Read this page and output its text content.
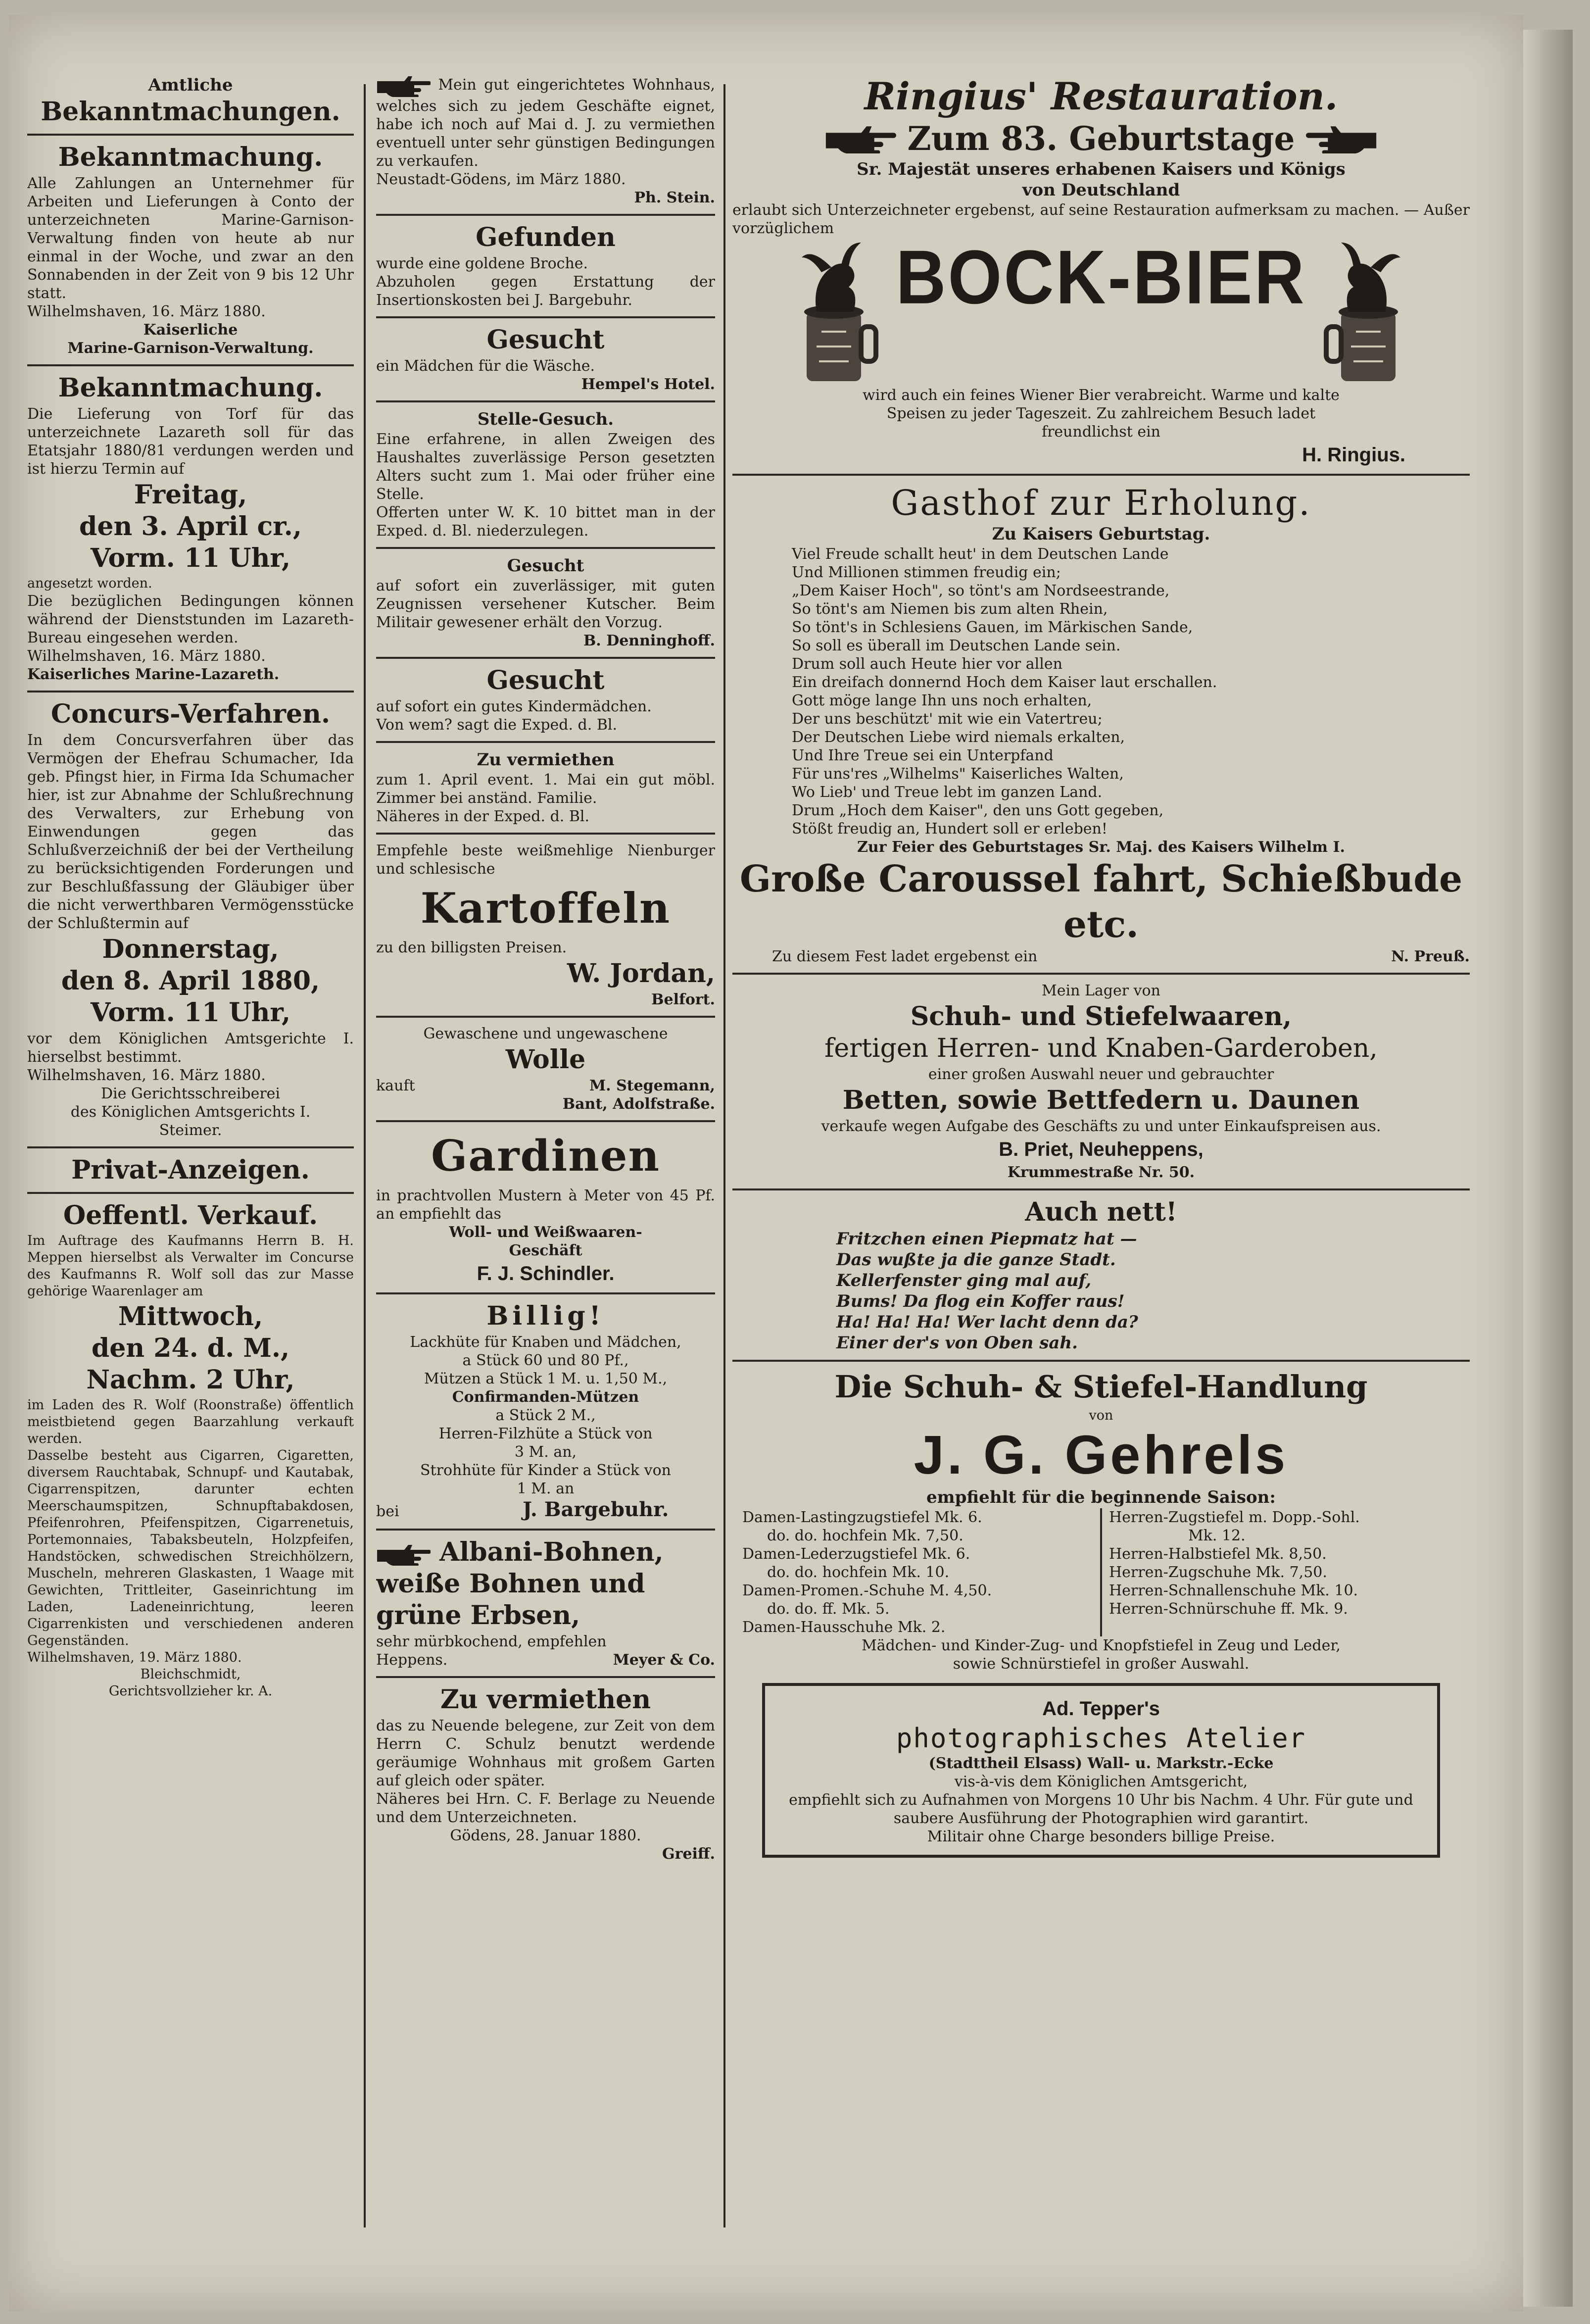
Amtliche
Bekanntmachungen.
Bekanntmachung.

Alle Zahlungen an Unternehmer für Arbeiten und Lieferungen à Conto der unterzeichneten Marine-Garnison-Verwaltung finden von heute ab nur einmal in der Woche, und zwar an den Sonnabenden in der Zeit von 9 bis 12 Uhr statt.

Wilhelmshaven, 16. März 1880.

Kaiserliche

Marine-Garnison-Verwaltung.

Bekanntmachung.

Die Lieferung von Torf für das unterzeichnete Lazareth soll für das Etatsjahr 1880/81 verdungen werden und ist hierzu Termin auf

Freitag,
den 3. April cr.,
Vorm. 11 Uhr,

angesetzt worden.

Die bezüglichen Bedingungen können während der Dienststunden im Lazareth-Bureau eingesehen werden.

Wilhelmshaven, 16. März 1880.

Kaiserliches Marine-Lazareth.

Concurs-Verfahren.

In dem Concursverfahren über das Vermögen der Ehefrau Schumacher, Ida geb. Pfingst hier, in Firma Ida Schumacher hier, ist zur Abnahme der Schlußrechnung des Verwalters, zur Erhebung von Einwendungen gegen das Schlußverzeichniß der bei der Vertheilung zu berücksichtigenden Forderungen und zur Beschlußfassung der Gläubiger über die nicht verwerthbaren Vermögensstücke der Schlußtermin auf

Donnerstag,
den 8. April 1880,
Vorm. 11 Uhr,

vor dem Königlichen Amtsgerichte I. hierselbst bestimmt.

Wilhelmshaven, 16. März 1880.

Die Gerichtsschreiberei

des Königlichen Amtsgerichts I.

Steimer.

Privat-Anzeigen.
Oeffentl. Verkauf.

Im Auftrage des Kaufmanns Herrn B. H. Meppen hierselbst als Verwalter im Concurse des Kaufmanns R. Wolf soll das zur Masse gehörige Waarenlager am

Mittwoch,
den 24. d. M.,
Nachm. 2 Uhr,

im Laden des R. Wolf (Roonstraße) öffentlich meistbietend gegen Baarzahlung verkauft werden.

Dasselbe besteht aus Cigarren, Cigaretten, diversem Rauchtabak, Schnupf- und Kautabak, Cigarrenspitzen, darunter echten Meerschaumspitzen, Schnupftabakdosen, Pfeifenrohren, Pfeifenspitzen, Cigarrenetuis, Portemonnaies, Tabaksbeuteln, Holzpfeifen, Handstöcken, schwedischen Streichhölzern, Muscheln, mehreren Glaskasten, 1 Waage mit Gewichten, Trittleiter, Gaseinrichtung im Laden, Ladeneinrichtung, leeren Cigarrenkisten und verschiedenen anderen Gegenständen.

Wilhelmshaven, 19. März 1880.

Bleichschmidt,

Gerichtsvollzieher kr. A.

Mein gut eingerichtetes Wohnhaus, welches sich zu jedem Geschäfte eignet, habe ich noch auf Mai d. J. zu vermiethen eventuell unter sehr günstigen Bedingungen zu verkaufen.

Neustadt-Gödens, im März 1880.

Ph. Stein.

Gefunden

wurde eine goldene Broche.

Abzuholen gegen Erstattung der Insertionskosten bei J. Bargebuhr.

Gesucht

ein Mädchen für die Wäsche.

Hempel's Hotel.

Stelle-Gesuch.

Eine erfahrene, in allen Zweigen des Haushaltes zuverlässige Person gesetzten Alters sucht zum 1. Mai oder früher eine Stelle.

Offerten unter W. K. 10 bittet man in der Exped. d. Bl. niederzulegen.

Gesucht

auf sofort ein zuverlässiger, mit guten Zeugnissen versehener Kutscher. Beim Militair gewesener erhält den Vorzug.

B. Denninghoff.

Gesucht

auf sofort ein gutes Kindermädchen.

Von wem? sagt die Exped. d. Bl.

Zu vermiethen

zum 1. April event. 1. Mai ein gut möbl. Zimmer bei anständ. Familie.

Näheres in der Exped. d. Bl.

Empfehle beste weißmehlige Nienburger und schlesische

Kartoffeln

zu den billigsten Preisen.

W. Jordan,

Belfort.

Gewaschene und ungewaschene

Wolle

kauft	M. Stegemann,

Bant, Adolfstraße.

Gardinen

in prachtvollen Mustern à Meter von 45 Pf. an empfiehlt das

Woll- und Weißwaaren-

Geschäft

F. J. Schindler.
Billig!

Lackhüte für Knaben und Mädchen,

a Stück 60 und 80 Pf.,

Mützen a Stück 1 M. u. 1,50 M.,

Confirmanden-Mützen

a Stück 2 M.,

Herren-Filzhüte a Stück von

3 M. an,

Strohhüte für Kinder a Stück von

1 M. an

bei	J. Bargebuhr.

Albani-Bohnen,
weiße Bohnen und
grüne Erbsen,

sehr mürbkochend, empfehlen

Heppens.	Meyer & Co.

Zu vermiethen

das zu Neuende belegene, zur Zeit von dem Herrn C. Schulz benutzt werdende geräumige Wohnhaus mit großem Garten auf gleich oder später.

Näheres bei Hrn. C. F. Berlage zu Neuende und dem Unterzeichneten.

Gödens, 28. Januar 1880.

Greiff.

Ringius' Restauration.
Zum 83. Geburtstage
Sr. Majestät unseres erhabenen Kaisers und Königs
von Deutschland

erlaubt sich Unterzeichneter ergebenst, auf seine Restauration aufmerksam zu machen. — Außer vorzüglichem

BOCK-BIER

wird auch ein feines Wiener Bier verabreicht. Warme und kalte Speisen zu jeder Tageszeit. Zu zahlreichem Besuch ladet freundlichst ein

H. Ringius.
Gasthof zur Erholung.
Zu Kaisers Geburtstag.
Viel Freude schallt heut' in dem Deutschen Lande
Und Millionen stimmen freudig ein;
„Dem Kaiser Hoch", so tönt's am Nordseestrande,
So tönt's am Niemen bis zum alten Rhein,
So tönt's in Schlesiens Gauen, im Märkischen Sande,
So soll es überall im Deutschen Lande sein.
Drum soll auch Heute hier vor allen
Ein dreifach donnernd Hoch dem Kaiser laut erschallen.
Gott möge lange Ihn uns noch erhalten,
Der uns beschützt' mit wie ein Vatertreu;
Der Deutschen Liebe wird niemals erkalten,
Und Ihre Treue sei ein Unterpfand
Für uns'res „Wilhelms" Kaiserliches Walten,
Wo Lieb' und Treue lebt im ganzen Land.
Drum „Hoch dem Kaiser", den uns Gott gegeben,
Stößt freudig an, Hundert soll er erleben!

Zur Feier des Geburtstages Sr. Maj. des Kaisers Wilhelm I.

Große Caroussel fahrt, Schießbude etc.

Zu diesem Fest ladet ergebenst ein	N. Preuß.

Mein Lager von

Schuh- und Stiefelwaaren,
fertigen Herren- und Knaben-Garderoben,

einer großen Auswahl neuer und gebrauchter

Betten, sowie Bettfedern u. Daunen

verkaufe wegen Aufgabe des Geschäfts zu und unter Einkaufspreisen aus.

B. Priet, Neuheppens,

Krummestraße Nr. 50.

Auch nett!
Fritzchen einen Piepmatz hat —
Das wußte ja die ganze Stadt.
Kellerfenster ging mal auf,
Bums! Da flog ein Koffer raus!
Ha! Ha! Ha! Wer lacht denn da?
Einer der's von Oben sah.
Die Schuh- & Stiefel-Handlung

von

J. G. Gehrels
empfiehlt für die beginnende Saison:
Damen-Lastingzugstiefel Mk. 6.
do. do. hochfein Mk. 7,50.
Damen-Lederzugstiefel Mk. 6.
do. do. hochfein Mk. 10.
Damen-Promen.-Schuhe M. 4,50.
do. do. ff. Mk. 5.
Damen-Hausschuhe Mk. 2.
Herren-Zugstiefel m. Dopp.-Sohl.
Mk. 12.
Herren-Halbstiefel Mk. 8,50.
Herren-Zugschuhe Mk. 7,50.
Herren-Schnallenschuhe Mk. 10.
Herren-Schnürschuhe ff. Mk. 9.

Mädchen- und Kinder-Zug- und Knopfstiefel in Zeug und Leder,

sowie Schnürstiefel in großer Auswahl.

Ad. Tepper's
photographisches Atelier

(Stadttheil Elsass) Wall- u. Markstr.-Ecke

vis-à-vis dem Königlichen Amtsgericht,

empfiehlt sich zu Aufnahmen von Morgens 10 Uhr bis Nachm. 4 Uhr. Für gute und saubere Ausführung der Photographien wird garantirt.

Militair ohne Charge besonders billige Preise.
